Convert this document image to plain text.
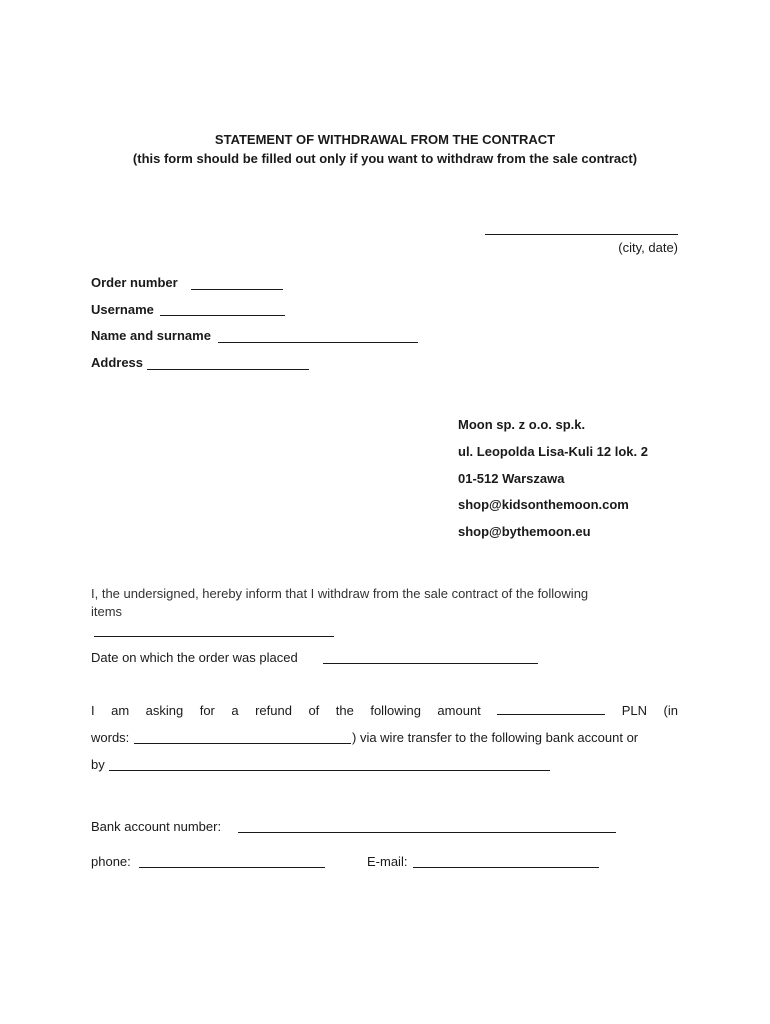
STATEMENT OF WITHDRAWAL FROM THE CONTRACT
(this form should be filled out only if you want to withdraw from the sale contract)
(city, date)
Order number
Username
Name and surname
Address
Moon sp. z o.o. sp.k.
ul. Leopolda Lisa-Kuli 12 lok. 2
01-512 Warszawa
shop@kidsonthemoon.com
shop@bythemoon.eu
I, the undersigned, hereby inform that I withdraw from the sale contract of the following
items
Date on which the order was placed
I am asking for a refund of the following amount	PLN (in
words:	) via wire transfer to the following bank account or
by
Bank account number:
phone:	E-mail:
